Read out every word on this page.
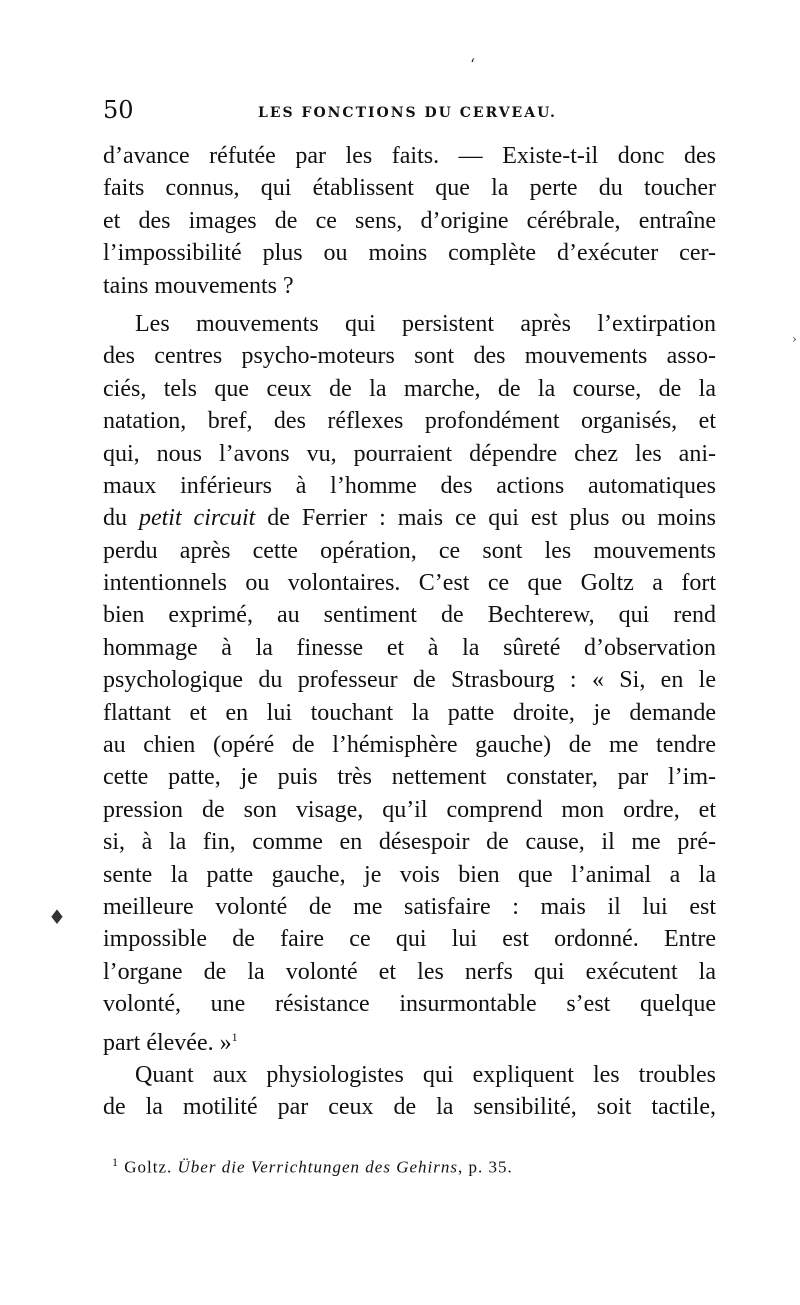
‘
›
♦
50	LES FONCTIONS DU CERVEAU.
d’avance réfutée par les faits. — Existe-t-il donc des
faits connus, qui établissent que la perte du toucher
et des images de ce sens, d’origine cérébrale, entraîne
l’impossibilité plus ou moins complète d’exécuter cer-
tains mouvements ?
Les mouvements qui persistent après l’extirpation
des centres psycho-moteurs sont des mouvements asso-
ciés, tels que ceux de la marche, de la course, de la
natation, bref, des réflexes profondément organisés, et
qui, nous l’avons vu, pourraient dépendre chez les ani-
maux inférieurs à l’homme des actions automatiques
du petit circuit de Ferrier : mais ce qui est plus ou moins
perdu après cette opération, ce sont les mouvements
intentionnels ou volontaires. C’est ce que Goltz a fort
bien exprimé, au sentiment de Bechterew, qui rend
hommage à la finesse et à la sûreté d’observation
psychologique du professeur de Strasbourg : « Si, en le
flattant et en lui touchant la patte droite, je demande
au chien (opéré de l’hémisphère gauche) de me tendre
cette patte, je puis très nettement constater, par l’im-
pression de son visage, qu’il comprend mon ordre, et
si, à la fin, comme en désespoir de cause, il me pré-
sente la patte gauche, je vois bien que l’animal a la
meilleure volonté de me satisfaire : mais il lui est
impossible de faire ce qui lui est ordonné. Entre
l’organe de la volonté et les nerfs qui exécutent la
volonté, une résistance insurmontable s’est quelque
part élevée. »$^1$
Quant aux physiologistes qui expliquent les troubles
de la motilité par ceux de la sensibilité, soit tactile,
$^1$ Goltz. Über die Verrichtungen des Gehirns, p. 35.
